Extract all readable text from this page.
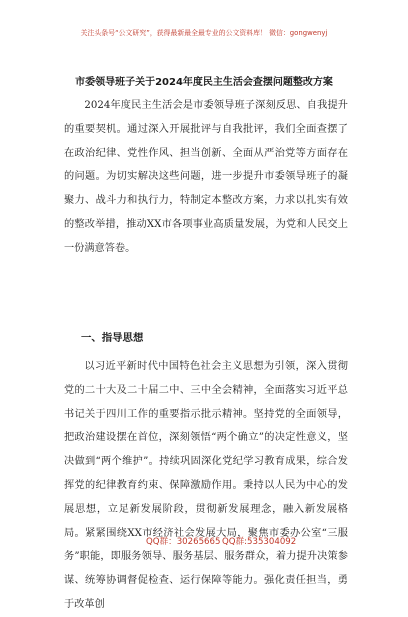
关注头条号“公文研究”，获得最新最全最专业的公文资料库！ 微信：gongwenyj
市委领导班子关于2024年度民主生活会查摆问题整改方案

2024年度民主生活会是市委领导班子深刻反思、自我提升的重要契机。通过深入开展批评与自我批评，我们全面查摆了在政治纪律、党性作风、担当创新、全面从严治党等方面存在的问题。为切实解决这些问题，进一步提升市委领导班子的凝聚力、战斗力和执行力，特制定本整改方案，力求以扎实有效的整改举措，推动XX市各项事业高质量发展，为党和人民交上一份满意答卷。

一、指导思想

以习近平新时代中国特色社会主义思想为引领，深入贯彻党的二十大及二十届二中、三中全会精神，全面落实习近平总书记关于四川工作的重要指示批示精神。坚持党的全面领导，把政治建设摆在首位，深刻领悟“两个确立”的决定性意义，坚决做到“两个维护”。持续巩固深化党纪学习教育成果，综合发挥党的纪律教育约束、保障激励作用。秉持以人民为中心的发展思想，立足新发展阶段，贯彻新发展理念，融入新发展格局。紧紧围绕XX市经济社会发展大局，聚焦市委办公室“三服务”职能，即服务领导、服务基层、服务群众，着力提升决策参谋、统筹协调督促检查、运行保障等能力。强化责任担当，勇于改革创

QQ群：30265665 QQ群:535304092
